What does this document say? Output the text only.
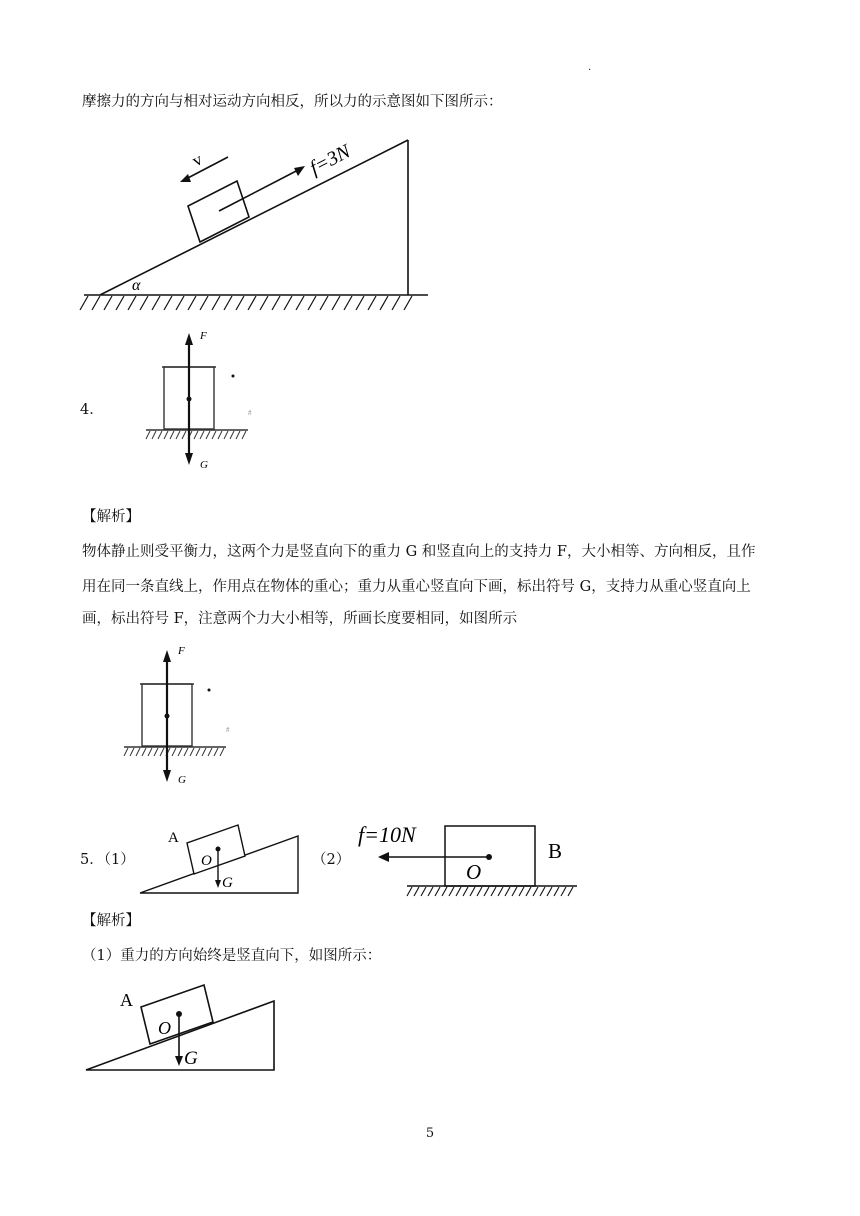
.
摩擦力的方向与相对运动方向相反，所以力的示意图如下图所示：
v	f=3N
α
4．
F
G
#
【解析】
物体静止则受平衡力，这两个力是竖直向下的重力 G 和竖直向上的支持力 F，大小相等、方向相反，且作
用在同一条直线上，作用点在物体的重心；重力从重心竖直向下画，标出符号 G，支持力从重心竖直向上
画，标出符号 F，注意两个力大小相等，所画长度要相同，如图所示
F
G
#
5．（1）
A
O
G
（2）
f=10N
O
B
【解析】
（1）重力的方向始终是竖直向下，如图所示：
A
O
G
5
